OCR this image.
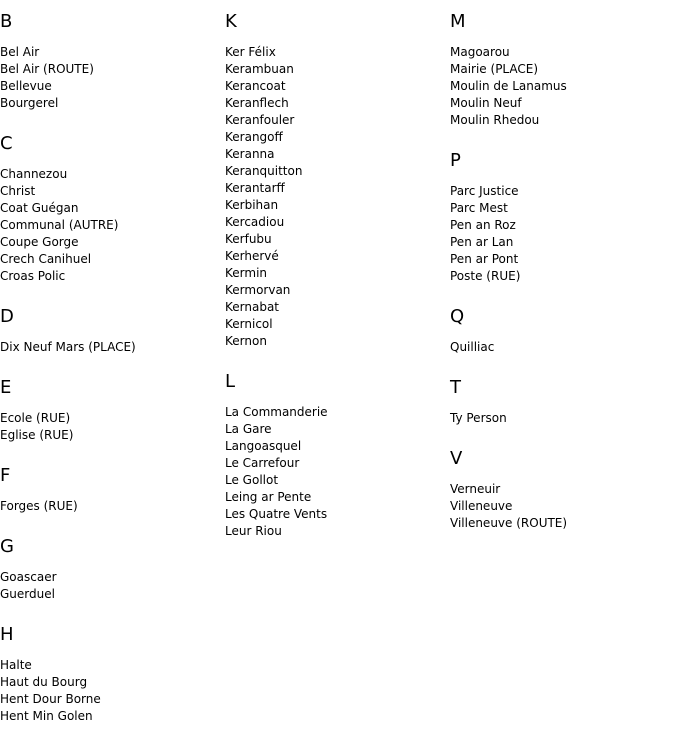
B
Bel Air
Bel Air (ROUTE)
Bellevue
Bourgerel
C
Channezou
Christ
Coat Guégan
Communal (AUTRE)
Coupe Gorge
Crech Canihuel
Croas Polic
D
Dix Neuf Mars (PLACE)
E
Ecole (RUE)
Eglise (RUE)
F
Forges (RUE)
G
Goascaer
Guerduel
H
Halte
Haut du Bourg
Hent Dour Borne
Hent Min Golen
K
Ker Félix
Kerambuan
Kerancoat
Keranflech
Keranfouler
Kerangoff
Keranna
Keranquitton
Kerantarff
Kerbihan
Kercadiou
Kerfubu
Kerhervé
Kermin
Kermorvan
Kernabat
Kernicol
Kernon
L
La Commanderie
La Gare
Langoasquel
Le Carrefour
Le Gollot
Leing ar Pente
Les Quatre Vents
Leur Riou
M
Magoarou
Mairie (PLACE)
Moulin de Lanamus
Moulin Neuf
Moulin Rhedou
P
Parc Justice
Parc Mest
Pen an Roz
Pen ar Lan
Pen ar Pont
Poste (RUE)
Q
Quilliac
T
Ty Person
V
Verneuir
Villeneuve
Villeneuve (ROUTE)
